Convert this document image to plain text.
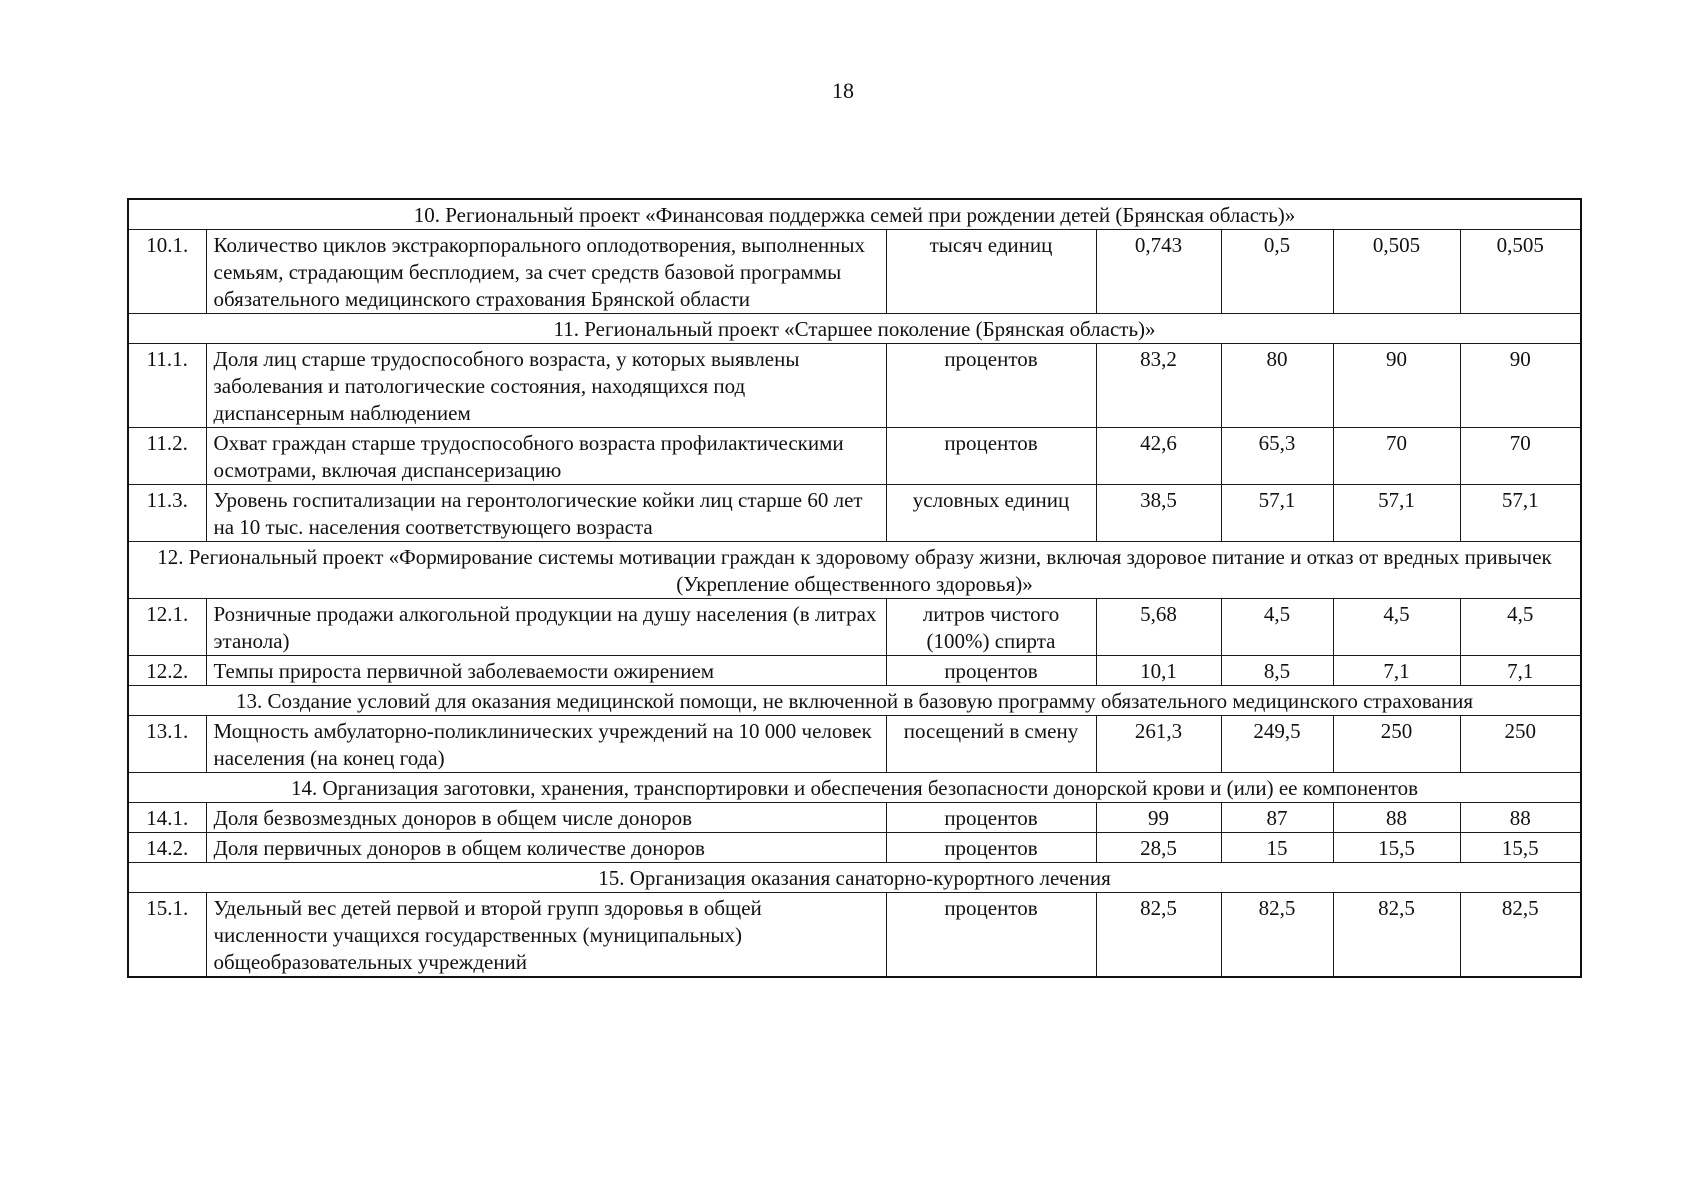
18
10. Региональный проект «Финансовая поддержка семей при рождении детей (Брянская область)»						
10.1.	Количество циклов экстракорпорального оплодотворения, выполненных семьям, страдающим бесплодием, за счет средств базовой программы обязательного медицинского страхования Брянской области	тысяч единиц	0,743	0,5	0,505	0,505
11. Региональный проект «Старшее поколение (Брянская область)»						
11.1.	Доля лиц старше трудоспособного возраста, у которых выявлены заболевания и патологические состояния, находящихся под диспансерным наблюдением	процентов	83,2	80	90	90
11.2.	Охват граждан старше трудоспособного возраста профилактическими осмотрами, включая диспансеризацию	процентов	42,6	65,3	70	70
11.3.	Уровень госпитализации на геронтологические койки лиц старше 60 лет на 10 тыс. населения соответствующего возраста	условных единиц	38,5	57,1	57,1	57,1
12. Региональный проект «Формирование системы мотивации граждан к здоровому образу жизни, включая здоровое питание и отказ от вредных привычек (Укрепление общественного здоровья)»						
12.1.	Розничные продажи алкогольной продукции на душу населения (в литрах этанола)	литров чистого (100%) спирта	5,68	4,5	4,5	4,5
12.2.	Темпы прироста первичной заболеваемости ожирением	процентов	10,1	8,5	7,1	7,1
13. Создание условий для оказания медицинской помощи, не включенной в базовую программу обязательного медицинского страхования						
13.1.	Мощность амбулаторно-поликлинических учреждений на 10 000 человек населения (на конец года)	посещений в смену	261,3	249,5	250	250
14. Организация заготовки, хранения, транспортировки и обеспечения безопасности донорской крови и (или) ее компонентов						
14.1.	Доля безвозмездных доноров в общем числе доноров	процентов	99	87	88	88
14.2.	Доля первичных доноров в общем количестве доноров	процентов	28,5	15	15,5	15,5
15. Организация оказания санаторно-курортного лечения						
15.1.	Удельный вес детей первой и второй групп здоровья в общей численности учащихся государственных (муниципальных) общеобразовательных учреждений	процентов	82,5	82,5	82,5	82,5
